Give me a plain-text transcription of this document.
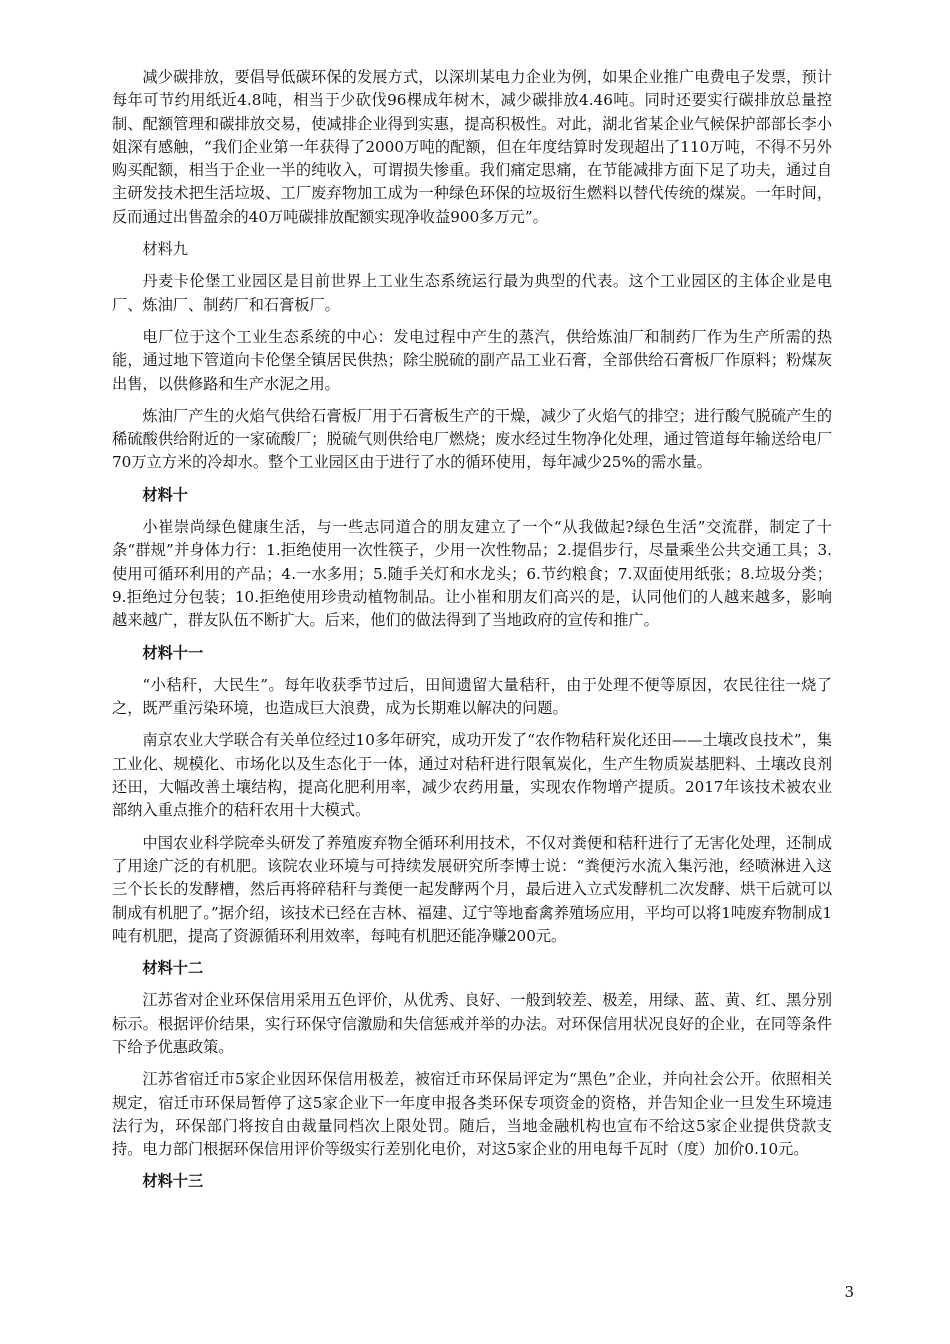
减少碳排放，要倡导低碳环保的发展方式，以深圳某电力企业为例，如果企业推广电费电子发票，预计每年可节约用纸近4.8吨，相当于少砍伐96棵成年树木，减少碳排放4.46吨。同时还要实行碳排放总量控制、配额管理和碳排放交易，使减排企业得到实惠，提高积极性。对此，湖北省某企业气候保护部部长李小姐深有感触，“我们企业第一年获得了2000万吨的配额，但在年度结算时发现超出了110万吨，不得不另外购买配额，相当于企业一半的纯收入，可谓损失惨重。我们痛定思痛，在节能减排方面下足了功夫，通过自主研发技术把生活垃圾、工厂废弃物加工成为一种绿色环保的垃圾衍生燃料以替代传统的煤炭。一年时间，反而通过出售盈余的40万吨碳排放配额实现净收益900多万元”。

材料九

丹麦卡伦堡工业园区是目前世界上工业生态系统运行最为典型的代表。这个工业园区的主体企业是电厂、炼油厂、制药厂和石膏板厂。

电厂位于这个工业生态系统的中心：发电过程中产生的蒸汽，供给炼油厂和制药厂作为生产所需的热能，通过地下管道向卡伦堡全镇居民供热；除尘脱硫的副产品工业石膏，全部供给石膏板厂作原料；粉煤灰出售，以供修路和生产水泥之用。

炼油厂产生的火焰气供给石膏板厂用于石膏板生产的干燥，减少了火焰气的排空；进行酸气脱硫产生的稀硫酸供给附近的一家硫酸厂；脱硫气则供给电厂燃烧；废水经过生物净化处理，通过管道每年输送给电厂70万立方米的冷却水。整个工业园区由于进行了水的循环使用，每年减少25%的需水量。

材料十

小崔崇尚绿色健康生活，与一些志同道合的朋友建立了一个“从我做起?绿色生活”交流群，制定了十条“群规”并身体力行：1.拒绝使用一次性筷子，少用一次性物品；2.提倡步行，尽量乘坐公共交通工具；3.使用可循环利用的产品；4.一水多用；5.随手关灯和水龙头；6.节约粮食；7.双面使用纸张；8.垃圾分类；9.拒绝过分包装；10.拒绝使用珍贵动植物制品。让小崔和朋友们高兴的是，认同他们的人越来越多，影响越来越广，群友队伍不断扩大。后来，他们的做法得到了当地政府的宣传和推广。

材料十一

“小秸秆，大民生”。每年收获季节过后，田间遗留大量秸秆，由于处理不便等原因，农民往往一烧了之，既严重污染环境，也造成巨大浪费，成为长期难以解决的问题。

南京农业大学联合有关单位经过10多年研究，成功开发了“农作物秸秆炭化还田——土壤改良技术”，集工业化、规模化、市场化以及生态化于一体，通过对秸秆进行限氧炭化，生产生物质炭基肥料、土壤改良剂还田，大幅改善土壤结构，提高化肥利用率，减少农药用量，实现农作物增产提质。2017年该技术被农业部纳入重点推介的秸秆农用十大模式。

中国农业科学院牵头研发了养殖废弃物全循环利用技术，不仅对粪便和秸秆进行了无害化处理，还制成了用途广泛的有机肥。该院农业环境与可持续发展研究所李博士说：“粪便污水流入集污池，经喷淋进入这三个长长的发酵槽，然后再将碎秸秆与粪便一起发酵两个月，最后进入立式发酵机二次发酵、烘干后就可以制成有机肥了。”据介绍，该技术已经在吉林、福建、辽宁等地畜禽养殖场应用，平均可以将1吨废弃物制成1吨有机肥，提高了资源循环利用效率，每吨有机肥还能净赚200元。

材料十二

江苏省对企业环保信用采用五色评价，从优秀、良好、一般到较差、极差，用绿、蓝、黄、红、黑分别标示。根据评价结果，实行环保守信激励和失信惩戒并举的办法。对环保信用状况良好的企业，在同等条件下给予优惠政策。

江苏省宿迁市5家企业因环保信用极差，被宿迁市环保局评定为“黑色”企业，并向社会公开。依照相关规定，宿迁市环保局暂停了这5家企业下一年度申报各类环保专项资金的资格，并告知企业一旦发生环境违法行为，环保部门将按自由裁量同档次上限处罚。随后，当地金融机构也宣布不给这5家企业提供贷款支持。电力部门根据环保信用评价等级实行差别化电价，对这5家企业的用电每千瓦时（度）加价0.10元。

材料十三

3
